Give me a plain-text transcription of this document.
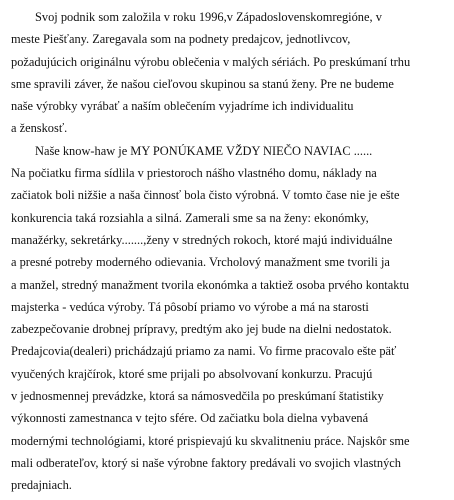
Svoj podnik som založila v roku 1996,v Západoslovenskomregióne, v
meste Piešťany. Zaregavala som na podnety predajcov, jednotlivcov,
požadujúcich originálnu výrobu oblečenia v malých sériách. Po preskúmaní trhu
sme spravili záver, že našou cieľovou skupinou sa stanú ženy. Pre ne budeme
naše výrobky vyrábať a naším oblečením vyjadríme ich individualitu
a ženskosť.
Naše know-haw je MY PONÚKAME VŽDY NIEČO NAVIAC ......
Na počiatku firma sídlila v priestoroch nášho vlastného domu, náklady na
začiatok boli nižšie a naša činnosť bola čisto výrobná. V tomto čase nie je ešte
konkurencia taká rozsiahla a silná. Zamerali sme sa na ženy: ekonómky,
manažérky, sekretárky.......,ženy v stredných rokoch, ktoré majú individuálne
a presné potreby moderného odievania. Vrcholový manažment sme tvorili ja
a manžel, stredný manažment tvorila ekonómka a taktiež osoba prvého kontaktu
majsterka - vedúca výroby. Tá pôsobí priamo vo výrobe a má na starosti
zabezpečovanie drobnej prípravy, predtým ako jej bude na dielni nedostatok.
Predajcovia(dealeri) prichádzajú priamo za nami. Vo firme pracovalo ešte päť
vyučených krajčírok, ktoré sme prijali po absolvovaní konkurzu. Pracujú
v jednosmennej prevádzke, ktorá sa námosvedčila po preskúmaní štatistiky
výkonnosti zamestnanca v tejto sfére. Od začiatku bola dielna vybavená
modernými technológiami, ktoré prispievajú ku skvalitneniu práce. Najskôr sme
mali odberateľov, ktorý si naše výrobne faktory predávali vo svojich vlastných
predajniach.
